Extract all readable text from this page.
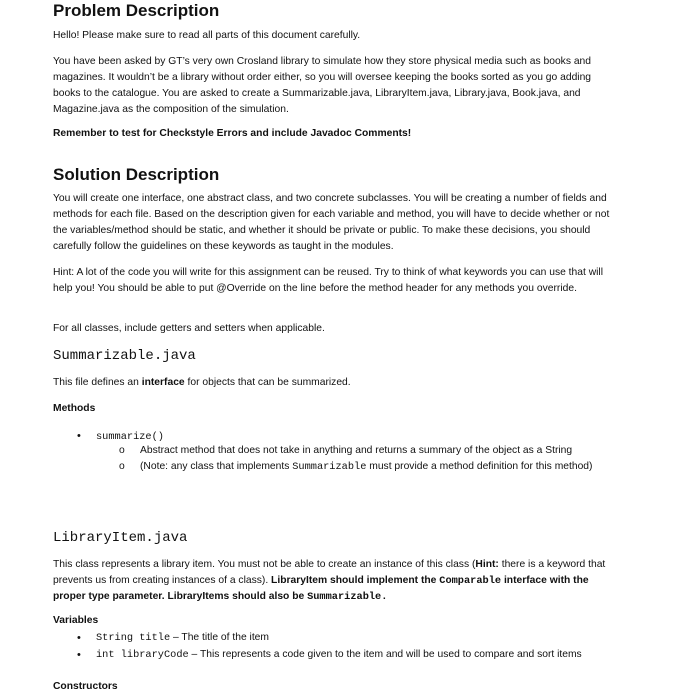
Problem Description

Hello! Please make sure to read all parts of this document carefully.

You have been asked by GT’s very own Crosland library to simulate how they store physical media such as books and magazines. It wouldn’t be a library without order either, so you will oversee keeping the books sorted as you go adding books to the catalogue. You are asked to create a Summarizable.java, LibraryItem.java, Library.java, Book.java, and Magazine.java as the composition of the simulation.

Remember to test for Checkstyle Errors and include Javadoc Comments!

Solution Description

You will create one interface, one abstract class, and two concrete subclasses. You will be creating a number of fields and methods for each file. Based on the description given for each variable and method, you will have to decide whether or not the variables/method should be static, and whether it should be private or public. To make these decisions, you should carefully follow the guidelines on these keywords as taught in the modules.

Hint: A lot of the code you will write for this assignment can be reused. Try to think of what keywords you can use that will help you! You should be able to put @Override on the line before the method header for any methods you override.

For all classes, include getters and setters when applicable.

Summarizable.java

This file defines an interface for objects that can be summarized.

Methods

• summarize()
o Abstract method that does not take in anything and returns a summary of the object as a String

o (Note: any class that implements Summarizable must provide a method definition for this method)

LibraryItem.java

This class represents a library item. You must not be able to create an instance of this class (Hint: there is a keyword that prevents us from creating instances of a class). LibraryItem should implement the Comparable interface with the proper type parameter. LibraryItems should also be Summarizable.

Variables

• String title – The title of the item

• int libraryCode – This represents a code given to the item and will be used to compare and sort items

Constructors
